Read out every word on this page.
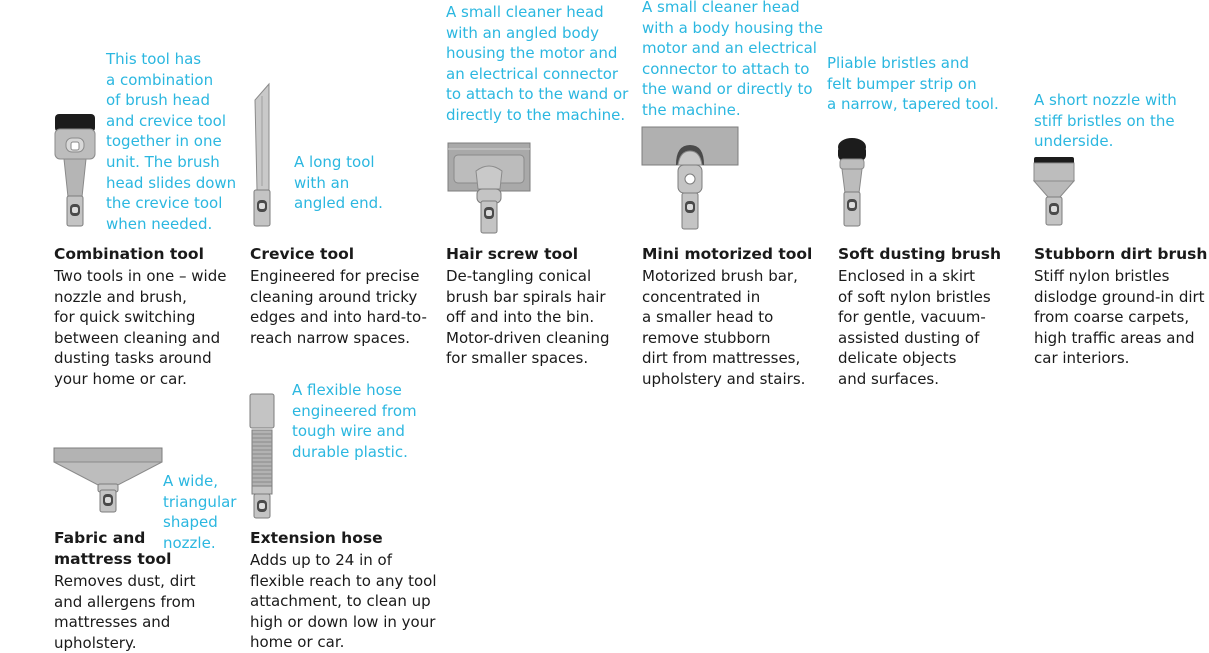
This tool has
a combination
of brush head
and crevice tool
together in one
unit. The brush
head slides down
the crevice tool
when needed.

Combination tool

Two tools in one – wide
nozzle and brush,
for quick switching
between cleaning and
dusting tasks around
your home or car.

A long tool
with an
angled end.

Crevice tool

Engineered for precise
cleaning around tricky
edges and into hard-to-
reach narrow spaces.

A small cleaner head
with an angled body
housing the motor and
an electrical connector
to attach to the wand or
directly to the machine.

Hair screw tool

De-tangling conical
brush bar spirals hair
off and into the bin.
Motor-driven cleaning
for smaller spaces.

A small cleaner head
with a body housing the
motor and an electrical
connector to attach to
the wand or directly to
the machine.

Mini motorized tool

Motorized brush bar,
concentrated in
a smaller head to
remove stubborn
dirt from mattresses,
upholstery and stairs.

Pliable bristles and
felt bumper strip on
a narrow, tapered tool.

Soft dusting brush

Enclosed in a skirt
of soft nylon bristles
for gentle, vacuum-
assisted dusting of
delicate objects
and surfaces.

A short nozzle with
stiff bristles on the
underside.

Stubborn dirt brush

Stiff nylon bristles
dislodge ground-in dirt
from coarse carpets,
high traffic areas and
car interiors.

A wide,
triangular
shaped
nozzle.

Fabric and
mattress tool

Removes dust, dirt
and allergens from
mattresses and
upholstery.

A flexible hose
engineered from
tough wire and
durable plastic.

Extension hose

Adds up to 24 in of
flexible reach to any tool
attachment, to clean up
high or down low in your
home or car.
